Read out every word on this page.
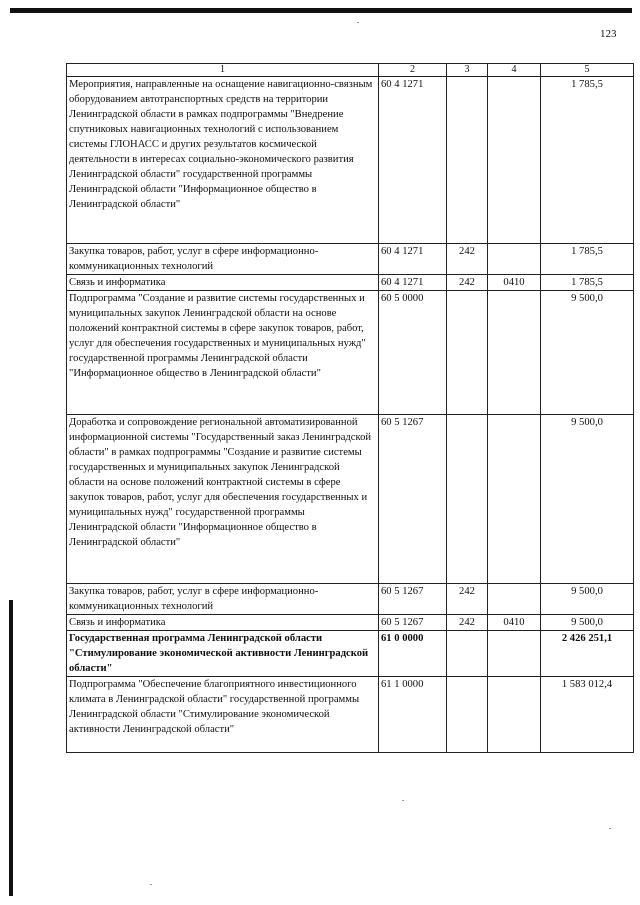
123
1	2	3	4	5
Мероприятия, направленные на оснащение навигационно-связным оборудованием автотранспортных средств на территории Ленинградской области в рамках подпрограммы "Внедрение спутниковых навигационных технологий с использованием системы ГЛОНАСС и других результатов космической деятельности в интересах социально-экономического развития Ленинградской области" государственной программы Ленинградской области "Информационное общество в Ленинградской области"	60 4 1271			1 785,5
Закупка товаров, работ, услуг в сфере информационно-коммуникационных технологий	60 4 1271	242		1 785,5
Связь и информатика	60 4 1271	242	0410	1 785,5
Подпрограмма "Создание и развитие системы государственных и муниципальных закупок Ленинградской области на основе положений контрактной системы в сфере закупок товаров, работ, услуг для обеспечения государственных и муниципальных нужд" государственной программы Ленинградской области "Информационное общество в Ленинградской области"	60 5 0000			9 500,0
Доработка и сопровождение региональной автоматизированной информационной системы "Государственный заказ Ленинградской области" в рамках подпрограммы "Создание и развитие системы государственных и муниципальных закупок Ленинградской области на основе положений контрактной системы в сфере закупок товаров, работ, услуг для обеспечения государственных и муниципальных нужд" государственной программы Ленинградской области "Информационное общество в Ленинградской области"	60 5 1267			9 500,0
Закупка товаров, работ, услуг в сфере информационно-коммуникационных технологий	60 5 1267	242		9 500,0
Связь и информатика	60 5 1267	242	0410	9 500,0
Государственная программа Ленинградской области "Стимулирование экономической активности Ленинградской области"	61 0 0000			2 426 251,1
Подпрограмма "Обеспечение благоприятного инвестиционного климата в Ленинградской области" государственной программы Ленинградской области "Стимулирование экономической активности Ленинградской области"	61 1 0000			1 583 012,4
